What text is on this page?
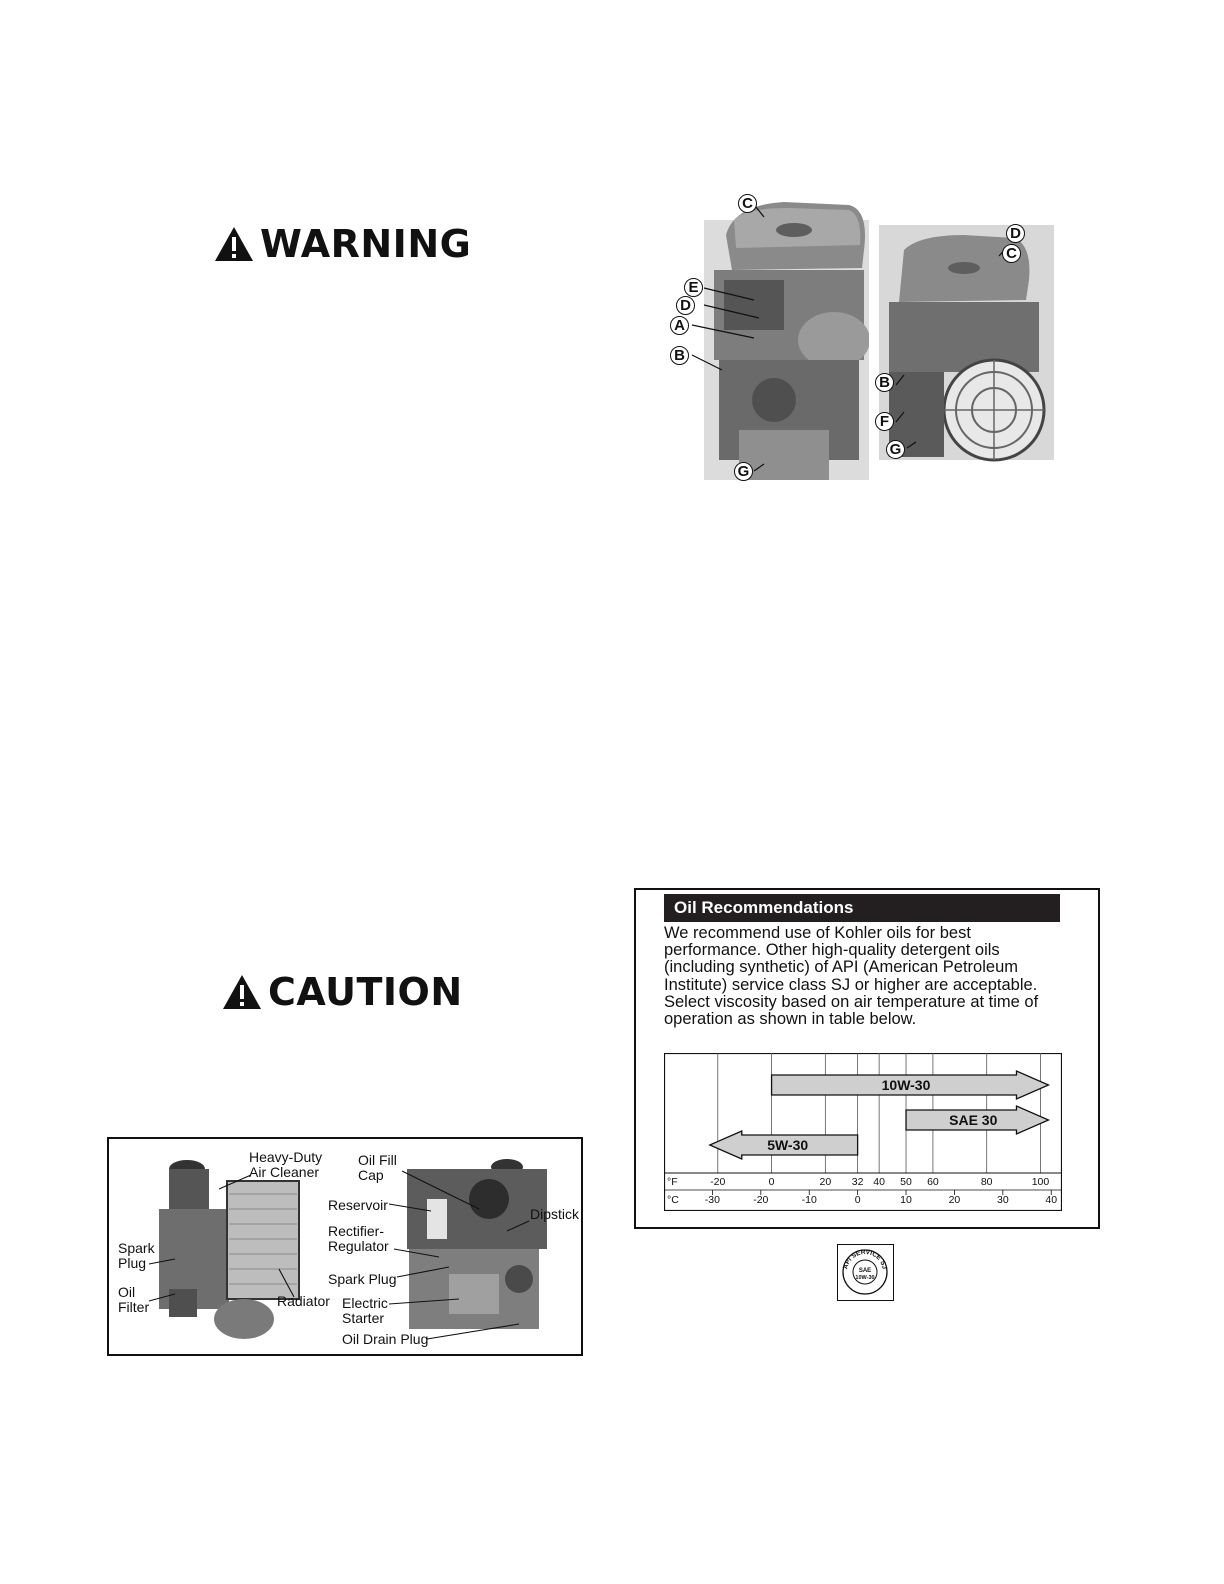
WARNING
CAUTION
C
E
D
A
B
G
D
C
B
F
G
Heavy-Duty
Air Cleaner
Spark
Plug
Oil
Filter	Radiator
Oil Fill
Cap
Reservoir
Rectifier-
Regulator
Spark Plug
Electric
Starter
Oil Drain Plug
Dipstick
Oil Recommendations
We recommend use of Kohler oils for best performance. Other high-quality detergent oils (including synthetic) of API (American Petroleum Institute) service class SJ or higher are acceptable. Select viscosity based on air temperature at time of operation as shown in table below.
10W-30
SAE 30
5W-30
°F
°C
-20	0	20 32 40 50 60	80	100
-30	-20	-10	0	10	20	30	40
API SERVICE SJ
SAE
10W-30
